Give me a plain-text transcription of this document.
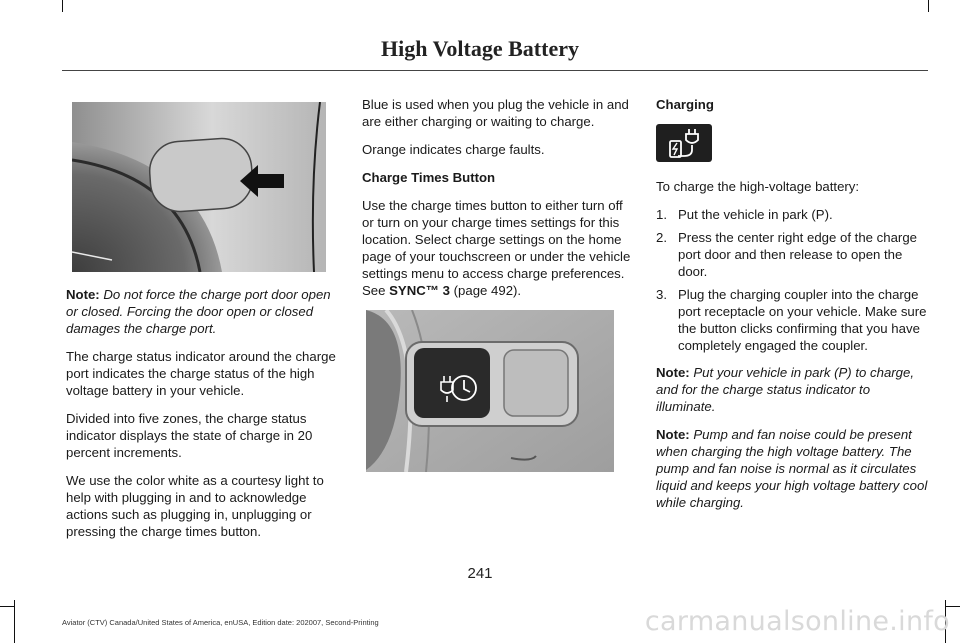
High Voltage Battery

Note: Do not force the charge port door open or closed. Forcing the door open or closed damages the charge port.

The charge status indicator around the charge port indicates the charge status of the high voltage battery in your vehicle.

Divided into five zones, the charge status indicator displays the state of charge in 20 percent increments.

We use the color white as a courtesy light to help with plugging in and to acknowledge actions such as plugging in, unplugging or pressing the charge times button.

Blue is used when you plug the vehicle in and are either charging or waiting to charge.

Orange indicates charge faults.

Charge Times Button

Use the charge times button to either turn off or turn on your charge times settings for this location. Select charge settings on the home page of your touchscreen or under the vehicle settings menu to access charge preferences. See SYNC™ 3 (page 492).

Charging

To charge the high-voltage battery:

1. Put the vehicle in park (P).
2. Press the center right edge of the charge port door and then release to open the door.
3. Plug the charging coupler into the charge port receptacle on your vehicle. Make sure the button clicks confirming that you have completely engaged the coupler.

Note: Put your vehicle in park (P) to charge, and for the charge status indicator to illuminate.

Note: Pump and fan noise could be present when charging the high voltage battery. The pump and fan noise is normal as it circulates liquid and keeps your high voltage battery cool while charging.

241
Aviator (CTV) Canada/United States of America, enUSA, Edition date: 202007, Second-Printing	carmanualsonline.info
